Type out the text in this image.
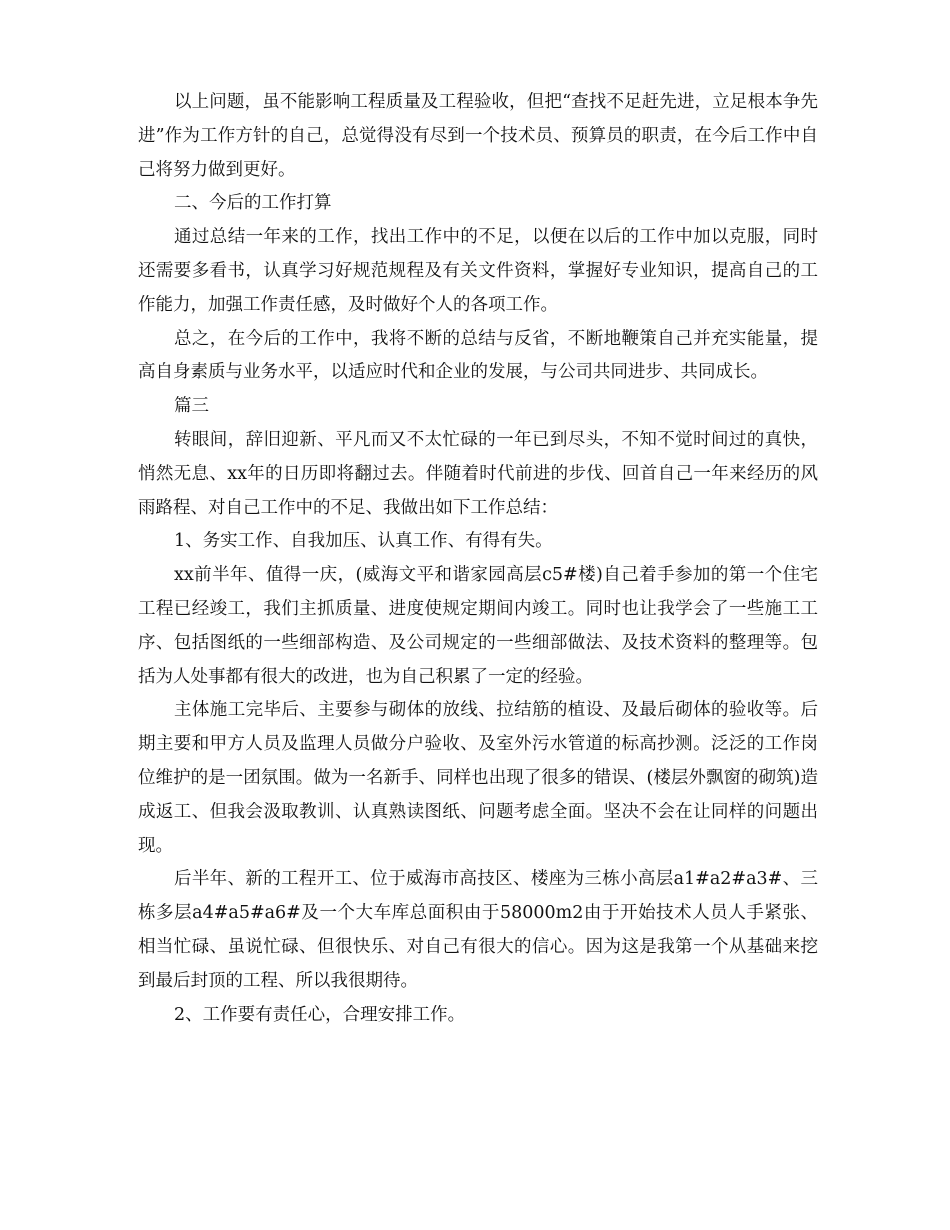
以上问题，虽不能影响工程质量及工程验收，但把“查找不足赶先进，立足根本争先进”作为工作方针的自己，总觉得没有尽到一个技术员、预算员的职责，在今后工作中自己将努力做到更好。

二、今后的工作打算

通过总结一年来的工作，找出工作中的不足，以便在以后的工作中加以克服，同时还需要多看书，认真学习好规范规程及有关文件资料，掌握好专业知识，提高自己的工作能力，加强工作责任感，及时做好个人的各项工作。

总之，在今后的工作中，我将不断的总结与反省，不断地鞭策自己并充实能量，提高自身素质与业务水平，以适应时代和企业的发展，与公司共同进步、共同成长。

篇三

转眼间，辞旧迎新、平凡而又不太忙碌的一年已到尽头，不知不觉时间过的真快，悄然无息、xx年的日历即将翻过去。伴随着时代前进的步伐、回首自己一年来经历的风雨路程、对自己工作中的不足、我做出如下工作总结：

1、务实工作、自我加压、认真工作、有得有失。

xx前半年、值得一庆，(威海文平和谐家园高层c5#楼)自己着手参加的第一个住宅工程已经竣工，我们主抓质量、进度使规定期间内竣工。同时也让我学会了一些施工工序、包括图纸的一些细部构造、及公司规定的一些细部做法、及技术资料的整理等。包括为人处事都有很大的改进，也为自己积累了一定的经验。

主体施工完毕后、主要参与砌体的放线、拉结筋的植设、及最后砌体的验收等。后期主要和甲方人员及监理人员做分户验收、及室外污水管道的标高抄测。泛泛的工作岗位维护的是一团氛围。做为一名新手、同样也出现了很多的错误、(楼层外飘窗的砌筑)造成返工、但我会汲取教训、认真熟读图纸、问题考虑全面。坚决不会在让同样的问题出现。

后半年、新的工程开工、位于威海市高技区、楼座为三栋小高层a1#a2#a3#、三栋多层a4#a5#a6#及一个大车库总面积由于58000m2由于开始技术人员人手紧张、相当忙碌、虽说忙碌、但很快乐、对自己有很大的信心。因为这是我第一个从基础来挖到最后封顶的工程、所以我很期待。

2、工作要有责任心，合理安排工作。
